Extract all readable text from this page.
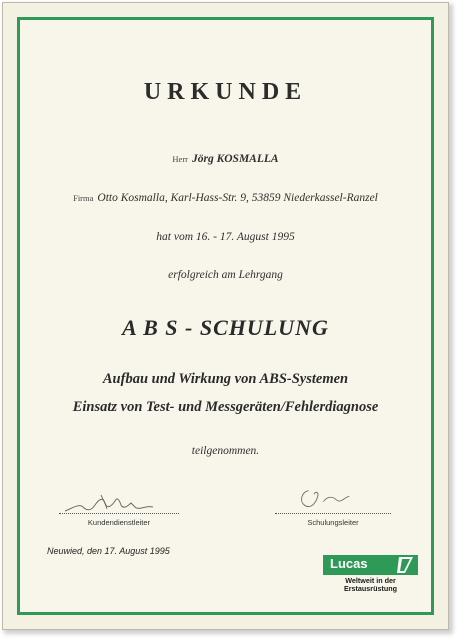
URKUNDE
Herr Jörg KOSMALLA
Firma Otto Kosmalla, Karl-Hass-Str. 9, 53859 Niederkassel-Ranzel
hat vom 16. - 17. August 1995
erfolgreich am Lehrgang
A B S - SCHULUNG
Aufbau und Wirkung von ABS-Systemen
Einsatz von Test- und Messgeräten/Fehlerdiagnose
teilgenommen.
Kundendienstleiter	Schulungsleiter
Neuwied, den 17. August 1995
Lucas
Weltweit in der
Erstausrüstung
